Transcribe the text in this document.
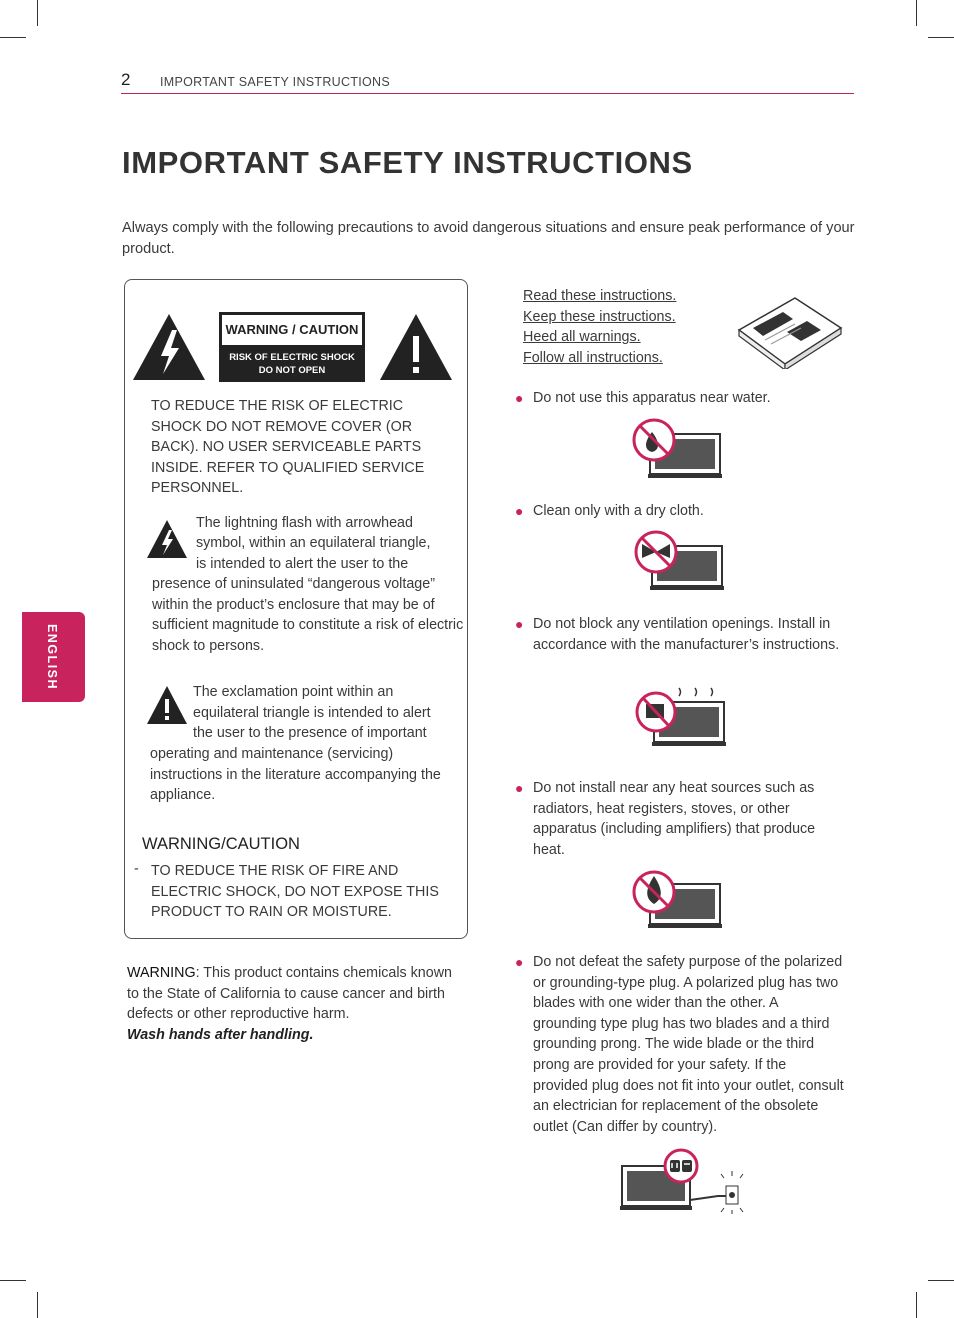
2 IMPORTANT SAFETY INSTRUCTIONS
ENGLISH
IMPORTANT SAFETY INSTRUCTIONS
Always comply with the following precautions to avoid dangerous situations and ensure peak performance of your product.
WARNING / CAUTION
RISK OF ELECTRIC SHOCK
DO NOT OPEN
TO REDUCE THE RISK OF ELECTRIC SHOCK DO NOT REMOVE COVER (OR BACK). NO USER SERVICEABLE PARTS INSIDE. REFER TO QUALIFIED SERVICE PERSONNEL.
The lightning flash with arrowhead
symbol, within an equilateral triangle,
is intended to alert the user to the
presence of uninsulated “dangerous voltage” within the product’s enclosure that may be of sufficient magnitude to constitute a risk of electric shock to persons.
The exclamation point within an
equilateral triangle is intended to alert
the user to the presence of important
operating and maintenance (servicing) instructions in the literature accompanying the appliance.
WARNING/CAUTION
- TO REDUCE THE RISK OF FIRE AND ELECTRIC SHOCK, DO NOT EXPOSE THIS PRODUCT TO RAIN OR MOISTURE.
WARNING: This product contains chemicals known to the State of California to cause cancer and birth defects or other reproductive harm.
Wash hands after handling.
Read these instructions.
Keep these instructions.
Heed all warnings.
Follow all instructions.
● Do not use this apparatus near water.
● Clean only with a dry cloth.
● Do not block any ventilation openings. Install in accordance with the manufacturer’s instructions.
● Do not install near any heat sources such as radiators, heat registers, stoves, or other apparatus (including amplifiers) that produce heat.
● Do not defeat the safety purpose of the polarized or grounding-type plug. A polarized plug has two blades with one wider than the other. A grounding type plug has two blades and a third grounding prong. The wide blade or the third prong are provided for your safety. If the provided plug does not fit into your outlet, consult an electrician for replacement of the obsolete outlet (Can differ by country).
